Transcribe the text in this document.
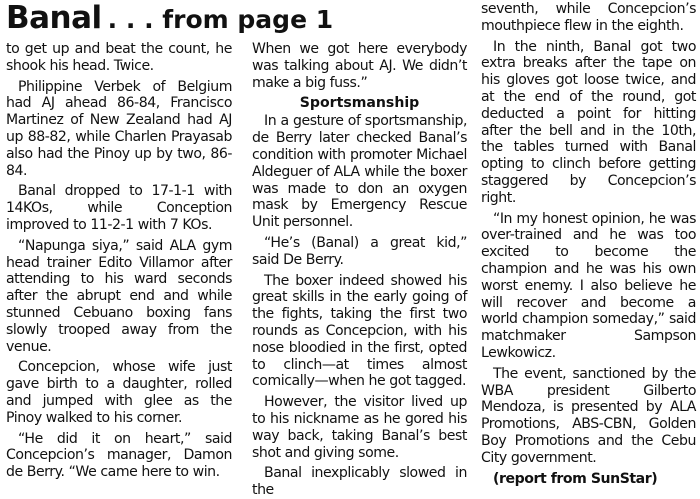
Banal . . . from page 1

to get up and beat the count, he shook his head. Twice.

Philippine Verbek of Belgium had AJ ahead 86-84, Francisco Martinez of New Zealand had AJ up 88-82, while Charlen Prayasab also had the Pinoy up by two, 86-84.

Banal dropped to 17-1-1 with 14KOs, while Conception improved to 11-2-1 with 7 KOs.

“Napunga siya,” said ALA gym head trainer Edito Villamor after attending to his ward seconds after the abrupt end and while stunned Cebuano boxing fans slowly trooped away from the venue.

Concepcion, whose wife just gave birth to a daughter, rolled and jumped with glee as the Pinoy walked to his corner.

“He did it on heart,” said Concepcion’s manager, Damon de Berry. “We came here to win.

When we got here everybody was talking about AJ. We didn’t make a big fuss.”

Sportsmanship

In a gesture of sportsmanship, de Berry later checked Banal’s condition with promoter Michael Aldeguer of ALA while the boxer was made to don an oxygen mask by Emergency Rescue Unit personnel.

“He’s (Banal) a great kid,” said De Berry.

The boxer indeed showed his great skills in the early going of the fights, taking the first two rounds as Concepcion, with his nose bloodied in the first, opted to clinch—at times almost comically—when he got tagged.

However, the visitor lived up to his nickname as he gored his way back, taking Banal’s best shot and giving some.

Banal inexplicably slowed in the

seventh, while Concepcion’s mouthpiece flew in the eighth.

In the ninth, Banal got two extra breaks after the tape on his gloves got loose twice, and at the end of the round, got deducted a point for hitting after the bell and in the 10th, the tables turned with Banal opting to clinch before getting staggered by Concepcion’s right.

“In my honest opinion, he was over-trained and he was too excited to become the champion and he was his own worst enemy. I also believe he will recover and become a world champion someday,” said matchmaker Sampson Lewkowicz.

The event, sanctioned by the WBA president Gilberto Mendoza, is presented by ALA Promotions, ABS-CBN, Golden Boy Promotions and the Cebu City government.

(report from SunStar)
